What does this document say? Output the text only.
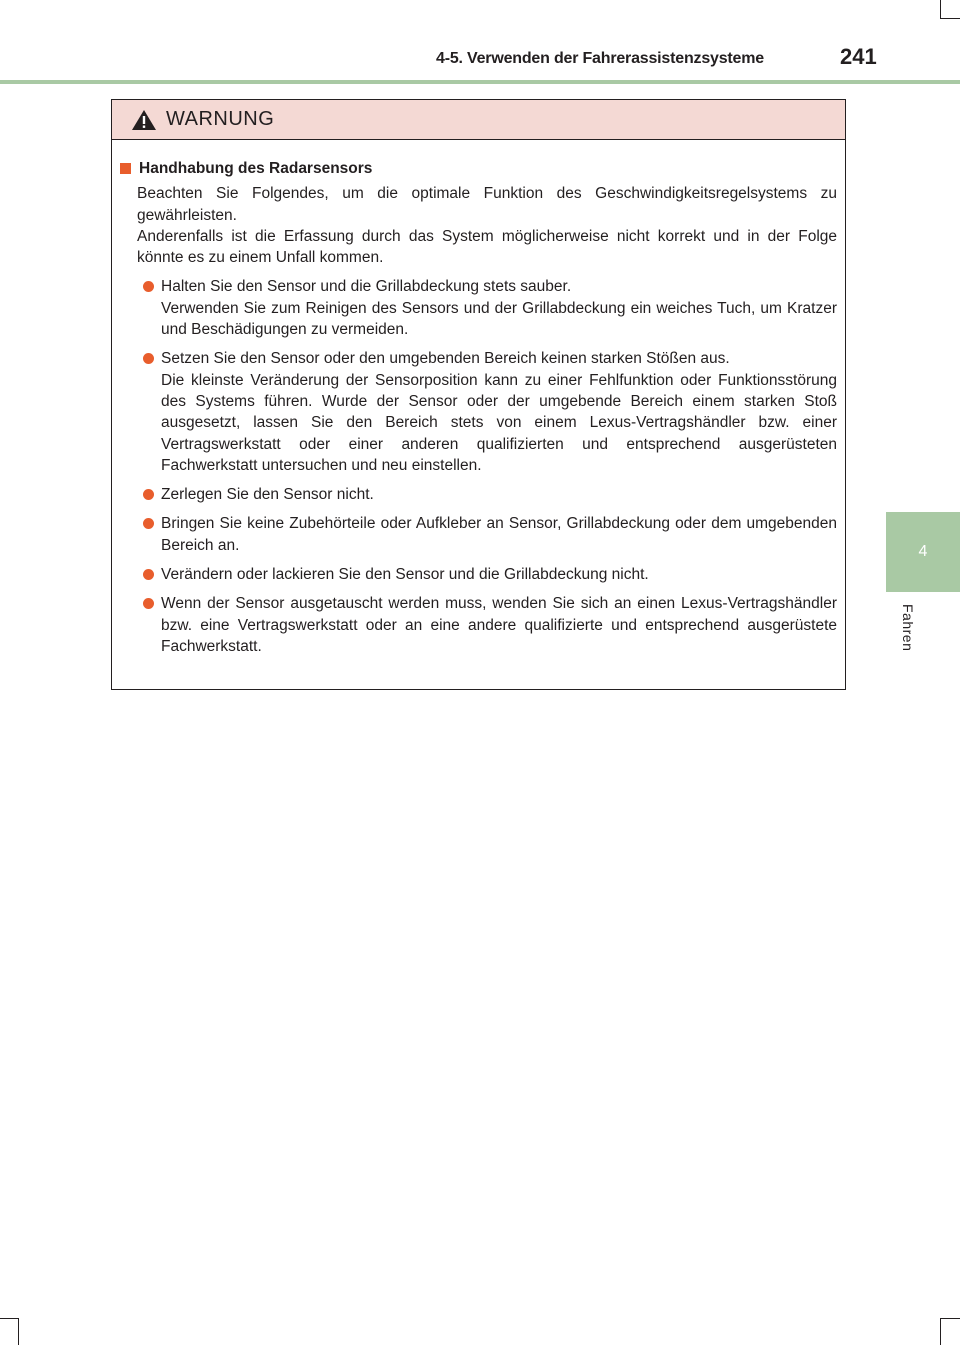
4-5. Verwenden der Fahrerassistenzsysteme	241
4
Fahren
WARNUNG
Handhabung des Radarsensors
Beachten Sie Folgendes, um die optimale Funktion des Geschwindigkeitsregelsystems zu gewährleisten.
Anderenfalls ist die Erfassung durch das System möglicherweise nicht korrekt und in der Folge könnte es zu einem Unfall kommen.
Halten Sie den Sensor und die Grillabdeckung stets sauber.
Verwenden Sie zum Reinigen des Sensors und der Grillabdeckung ein weiches Tuch, um Kratzer und Beschädigungen zu vermeiden.
Setzen Sie den Sensor oder den umgebenden Bereich keinen starken Stößen aus.
Die kleinste Veränderung der Sensorposition kann zu einer Fehlfunktion oder Funktionsstörung des Systems führen. Wurde der Sensor oder der umgebende Bereich einem starken Stoß ausgesetzt, lassen Sie den Bereich stets von einem Lexus-Vertragshändler bzw. einer Vertragswerkstatt oder einer anderen qualifizierten und entsprechend ausgerüsteten Fachwerkstatt untersuchen und neu einstellen.
Zerlegen Sie den Sensor nicht.
Bringen Sie keine Zubehörteile oder Aufkleber an Sensor, Grillabdeckung oder dem umgebenden Bereich an.
Verändern oder lackieren Sie den Sensor und die Grillabdeckung nicht.
Wenn der Sensor ausgetauscht werden muss, wenden Sie sich an einen Lexus-Vertragshändler bzw. eine Vertragswerkstatt oder an eine andere qualifizierte und entsprechend ausgerüstete Fachwerkstatt.
